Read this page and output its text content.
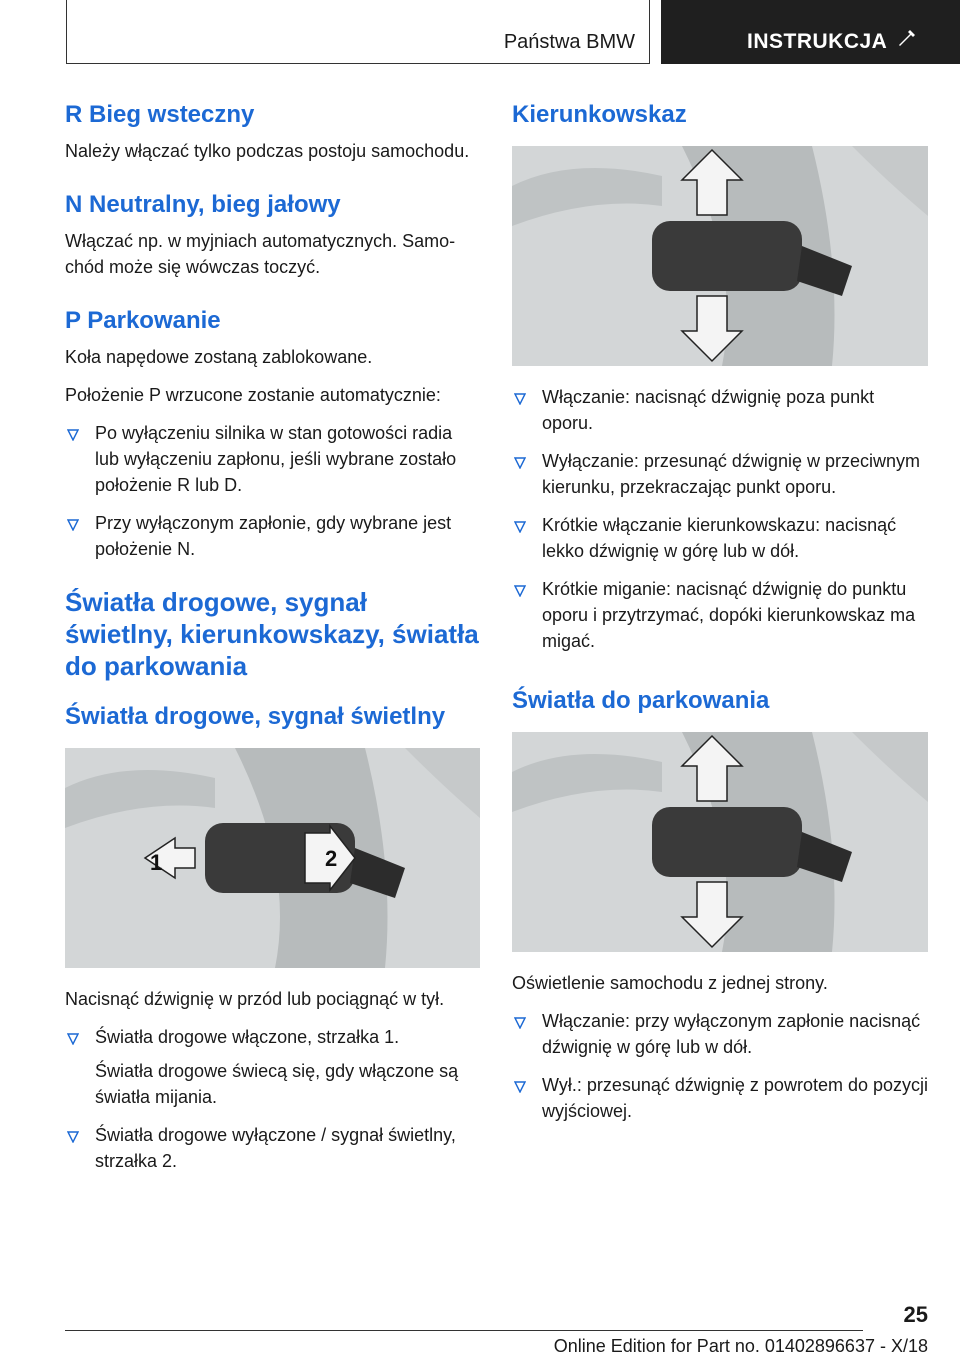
Państwa BMW	INSTRUKCJA
R Bieg wsteczny

Należy włączać tylko podczas postoju samochodu.

N Neutralny, bieg jałowy

Włączać np. w myjniach automatycznych. Samochód może się wówczas toczyć.

P Parkowanie

Koła napędowe zostaną zablokowane.

Położenie P wrzucone zostanie automatycznie:

Po wyłączeniu silnika w stan gotowości radia lub wyłączeniu zapłonu, jeśli wybrane zostało położenie R lub D.
Przy wyłączonym zapłonie, gdy wybrane jest położenie N.
Światła drogowe, sygnał świetlny, kierunkowskazy, światła do parkowania
Światła drogowe, sygnał świetlny
1	2

Nacisnąć dźwignię w przód lub pociągnąć w tył.

Światła drogowe włączone, strzałka 1.

Światła drogowe świecą się, gdy włączone są światła mijania.

Światła drogowe wyłączone / sygnał świetlny, strzałka 2.
Kierunkowskaz
Włączanie: nacisnąć dźwignię poza punkt oporu.
Wyłączanie: przesunąć dźwignię w przeciwnym kierunku, przekraczając punkt oporu.
Krótkie włączanie kierunkowskazu: nacisnąć lekko dźwignię w górę lub w dół.
Krótkie miganie: nacisnąć dźwignię do punktu oporu i przytrzymać, dopóki kierunkowskaz ma migać.
Światła do parkowania

Oświetlenie samochodu z jednej strony.

Włączanie: przy wyłączonym zapłonie nacisnąć dźwignię w górę lub w dół.
Wył.: przesunąć dźwignię z powrotem do pozycji wyjściowej.
25
Online Edition for Part no. 01402896637 - X/18
